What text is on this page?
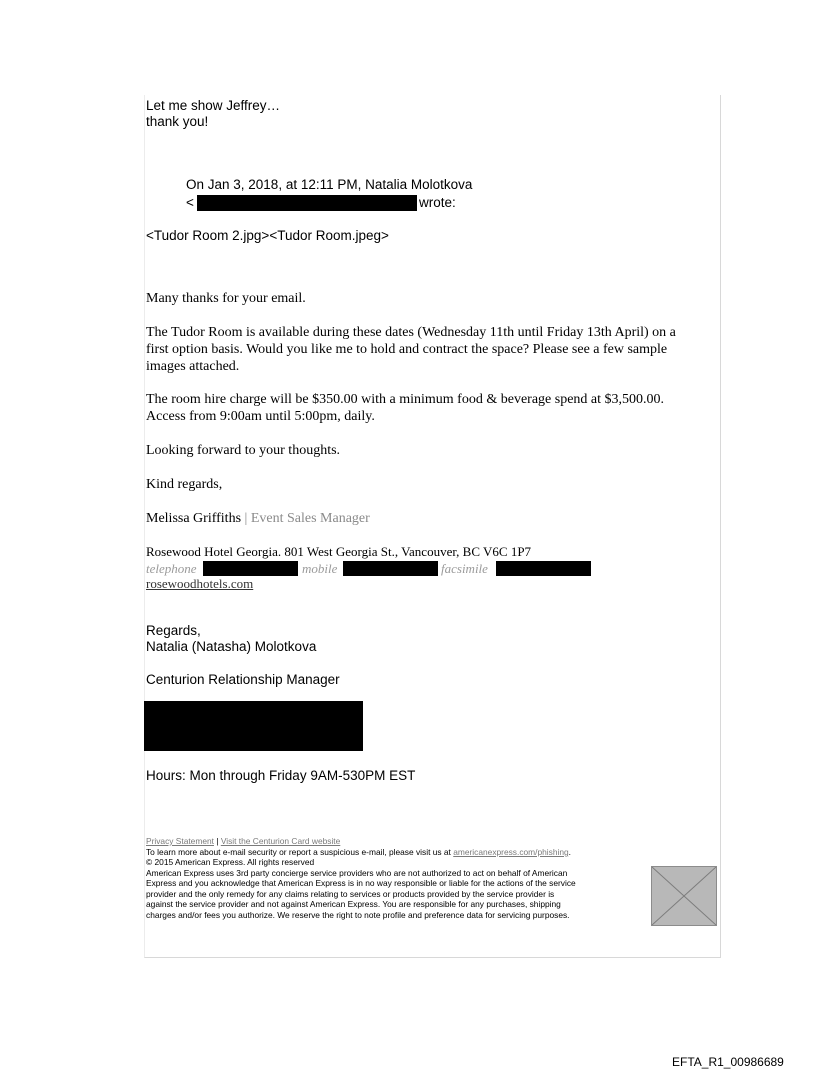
Let me show Jeffrey…
thank you!
On Jan 3, 2018, at 12:11 PM, Natalia Molotkova
<	wrote:
<Tudor Room 2.jpg><Tudor Room.jpeg>
Many thanks for your email.
The Tudor Room is available during these dates (Wednesday 11th until Friday 13th April) on a
first option basis. Would you like me to hold and contract the space? Please see a few sample
images attached.
The room hire charge will be $350.00 with a minimum food & beverage spend at $3,500.00.
Access from 9:00am until 5:00pm, daily.
Looking forward to your thoughts.
Kind regards,
Melissa Griffiths | Event Sales Manager
Rosewood Hotel Georgia. 801 West Georgia St., Vancouver, BC V6C 1P7
telephone	mobile	facsimile
rosewoodhotels.com
Regards,
Natalia (Natasha) Molotkova
Centurion Relationship Manager
Hours: Mon through Friday 9AM-530PM EST
Privacy Statement | Visit the Centurion Card website
To learn more about e-mail security or report a suspicious e-mail, please visit us at americanexpress.com/phishing.
© 2015 American Express. All rights reserved
American Express uses 3rd party concierge service providers who are not authorized to act on behalf of American
Express and you acknowledge that American Express is in no way responsible or liable for the actions of the service
provider and the only remedy for any claims relating to services or products provided by the service provider is
against the service provider and not against American Express. You are responsible for any purchases, shipping
charges and/or fees you authorize. We reserve the right to note profile and preference data for servicing purposes.
EFTA_R1_00986689
